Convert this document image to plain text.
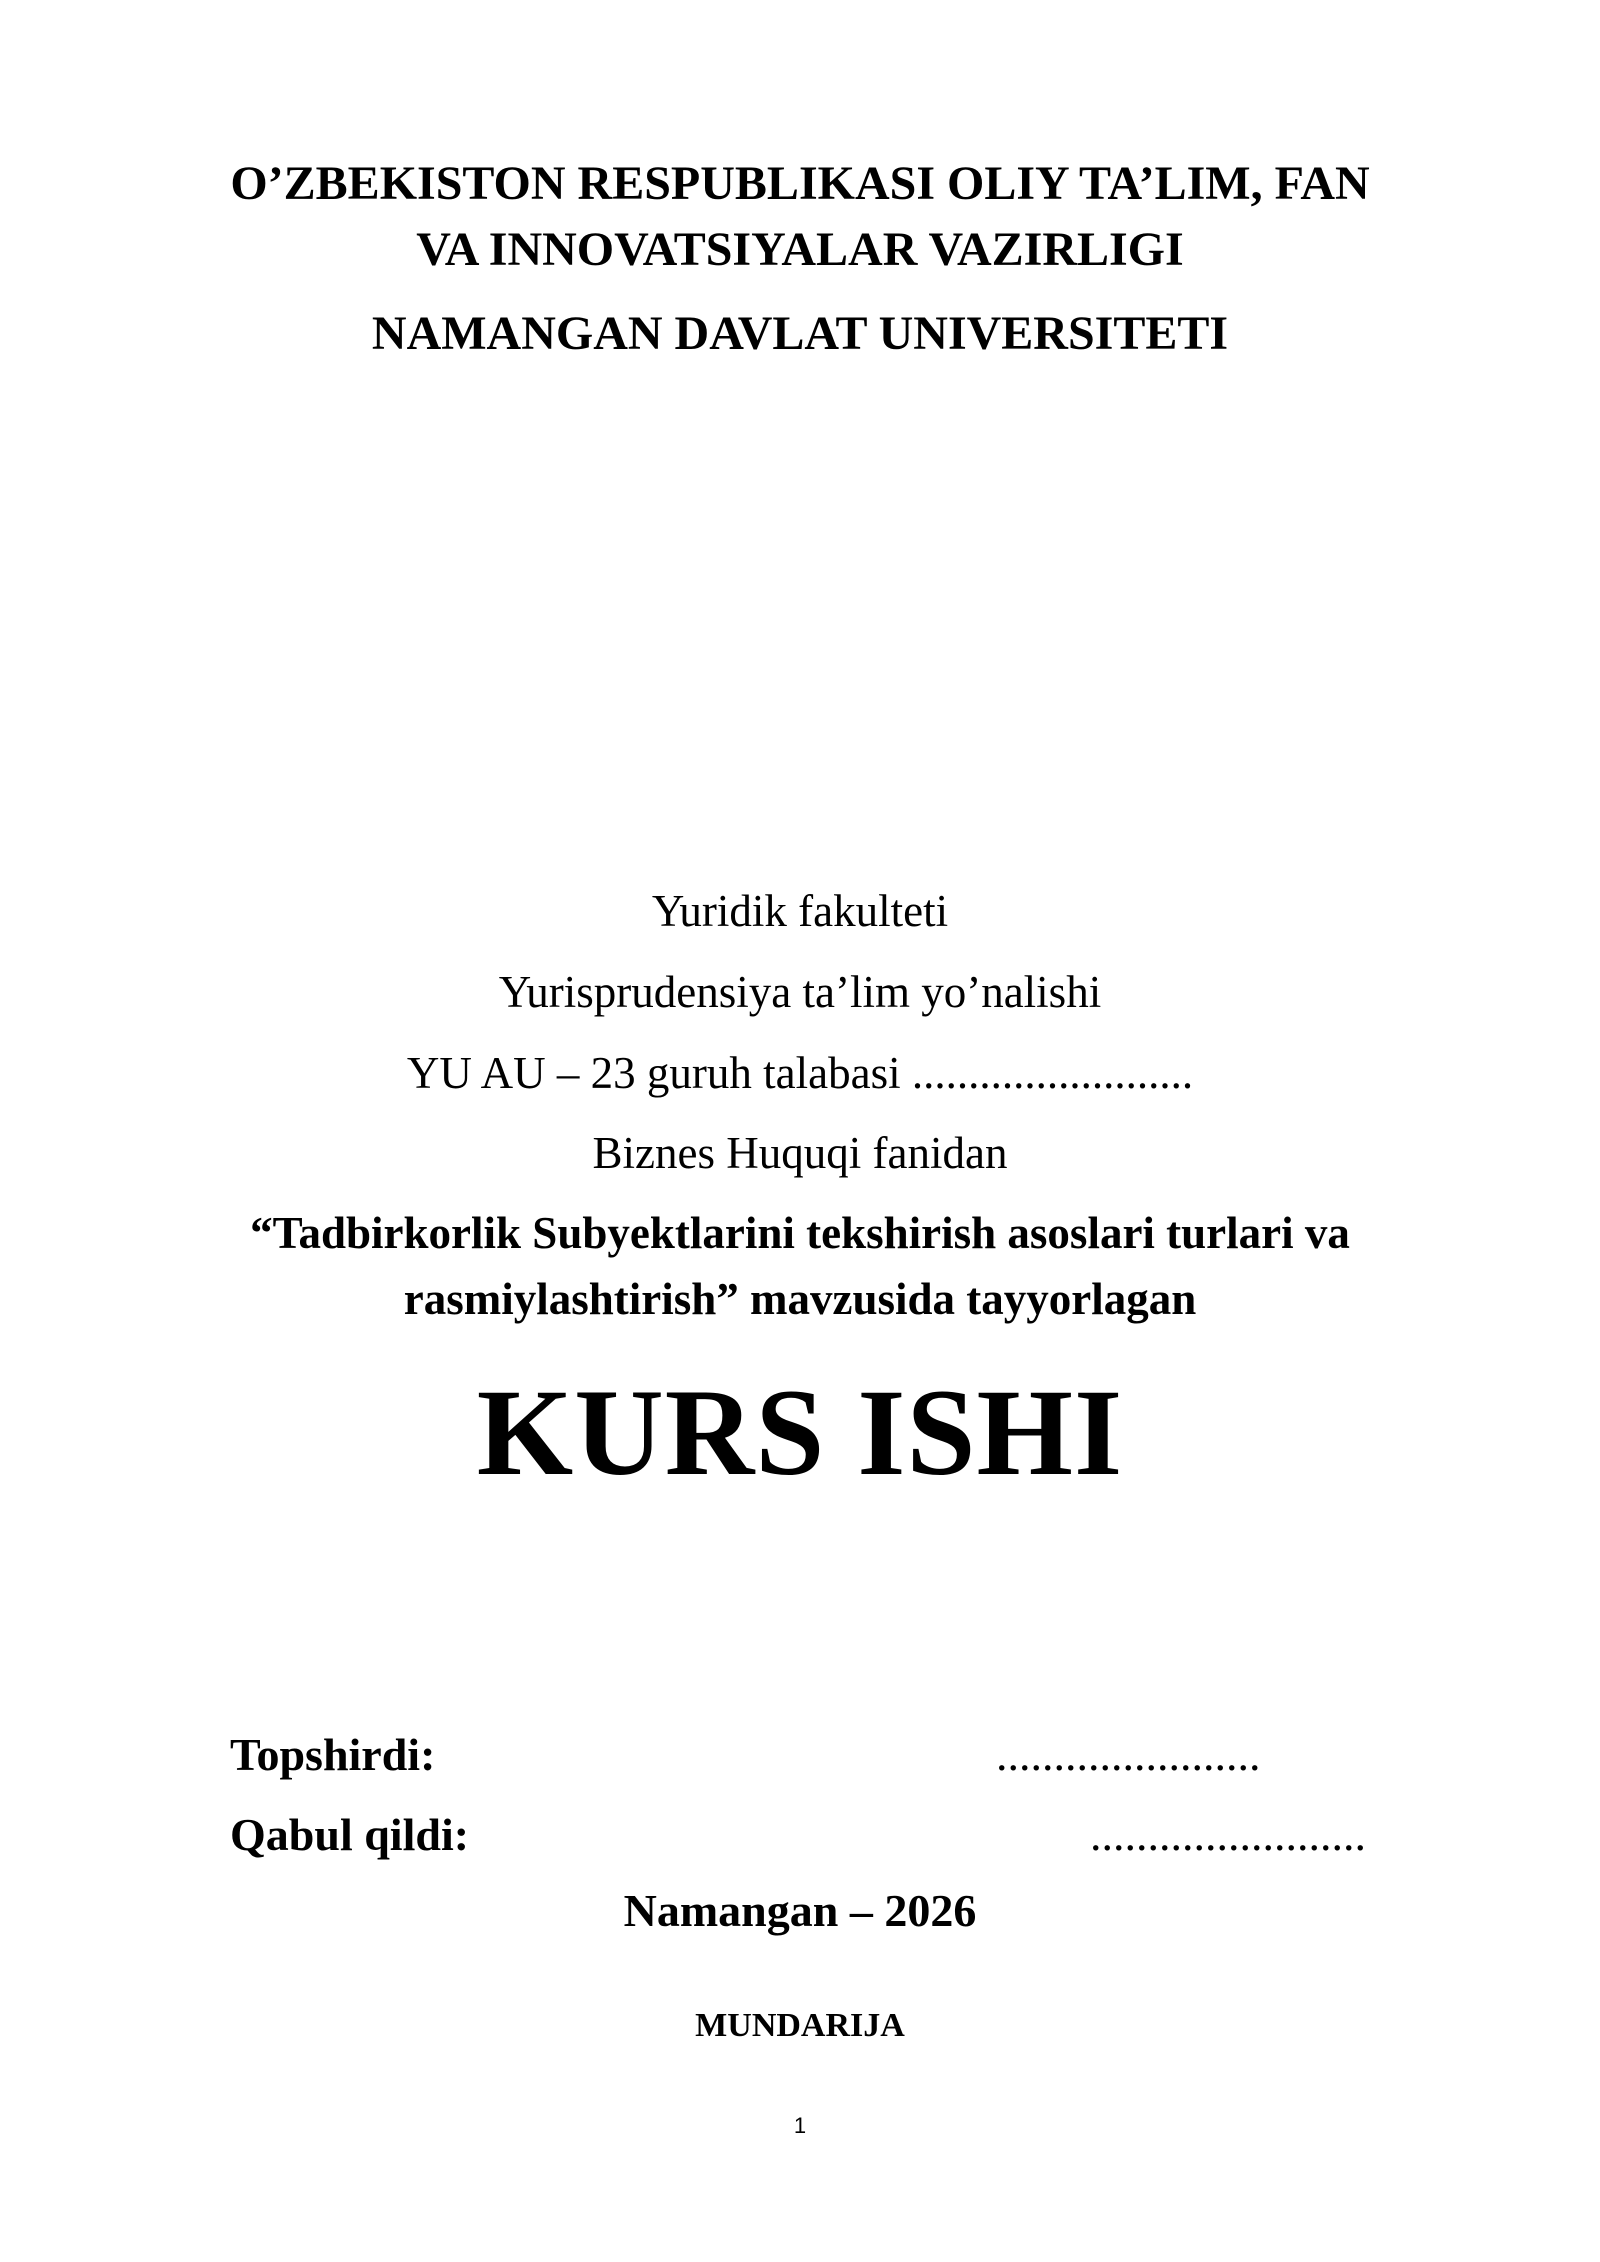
O’ZBEKISTON RESPUBLIKASI OLIY TA’LIM, FAN
VA INNOVATSIYALAR VAZIRLIGI
NAMANGAN DAVLAT UNIVERSITETI
Yuridik fakulteti
Yurisprudensiya ta’lim yo’nalishi
YU AU – 23 guruh talabasi .........................
Biznes Huquqi fanidan
“Tadbirkorlik Subyektlarini tekshirish asoslari turlari va
rasmiylashtirish” mavzusida tayyorlagan
KURS ISHI
Topshirdi:	.......................
Qabul qildi:	........................
Namangan – 2026
MUNDARIJA
1
